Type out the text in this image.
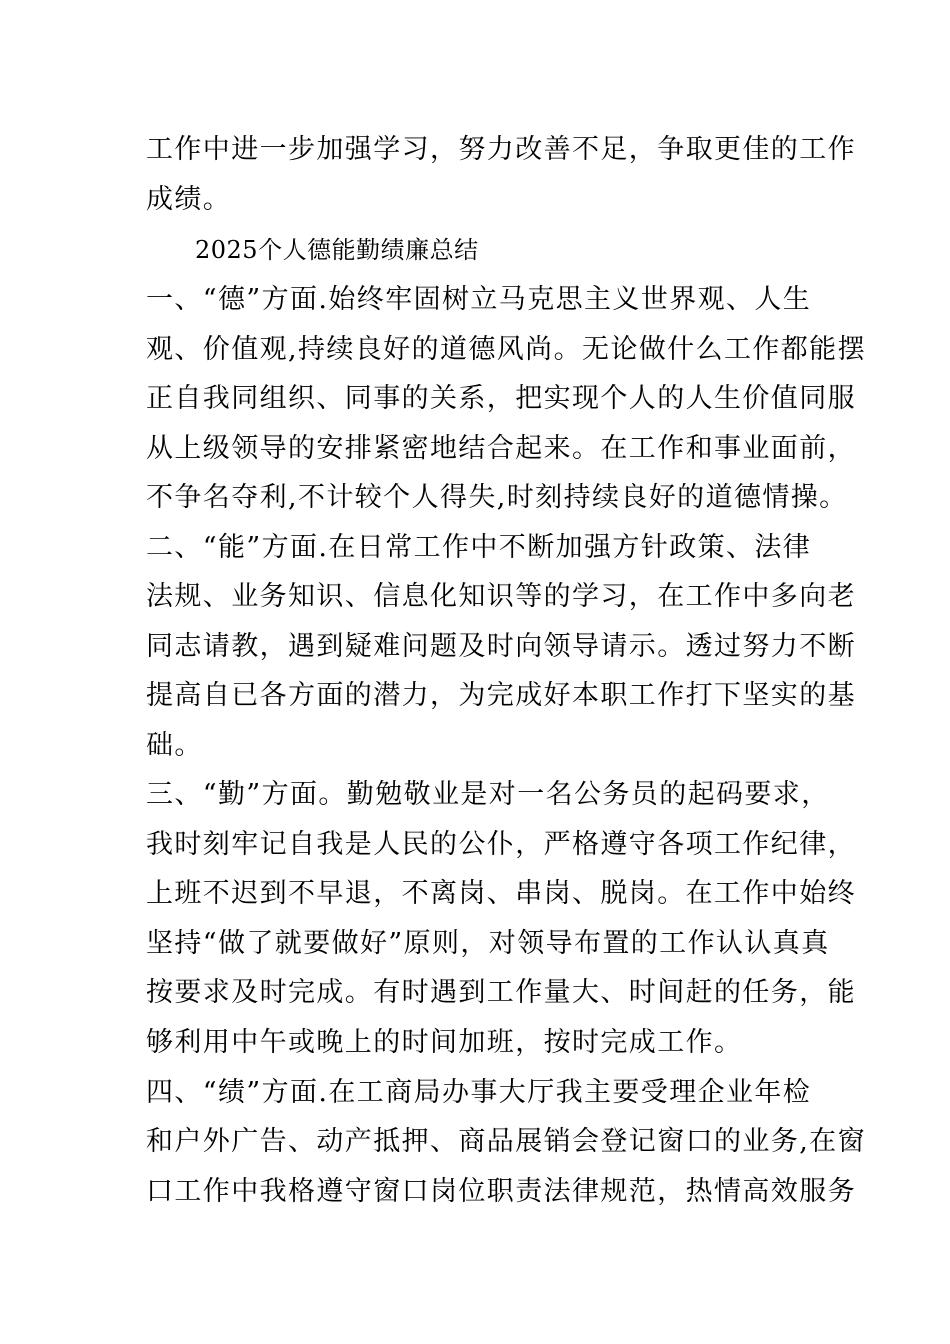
工作中进一步加强学习，努力改善不足，争取更佳的工作
成绩。
2025个人德能勤绩廉总结
一、“德”方面.始终牢固树立马克思主义世界观、人生
观、价值观,持续良好的道德风尚。无论做什么工作都能摆
正自我同组织、同事的关系，把实现个人的人生价值同服
从上级领导的安排紧密地结合起来。在工作和事业面前，
不争名夺利,不计较个人得失,时刻持续良好的道德情操。
二、“能”方面.在日常工作中不断加强方针政策、法律
法规、业务知识、信息化知识等的学习，在工作中多向老
同志请教，遇到疑难问题及时向领导请示。透过努力不断
提高自已各方面的潜力，为完成好本职工作打下坚实的基
础。
三、“勤”方面。勤勉敬业是对一名公务员的起码要求，
我时刻牢记自我是人民的公仆，严格遵守各项工作纪律，
上班不迟到不早退，不离岗、串岗、脱岗。在工作中始终
坚持“做了就要做好”原则，对领导布置的工作认认真真
按要求及时完成。有时遇到工作量大、时间赶的任务，能
够利用中午或晚上的时间加班，按时完成工作。
四、“绩”方面.在工商局办事大厅我主要受理企业年检
和户外广告、动产抵押、商品展销会登记窗口的业务,在窗
口工作中我格遵守窗口岗位职责法律规范，热情高效服务
